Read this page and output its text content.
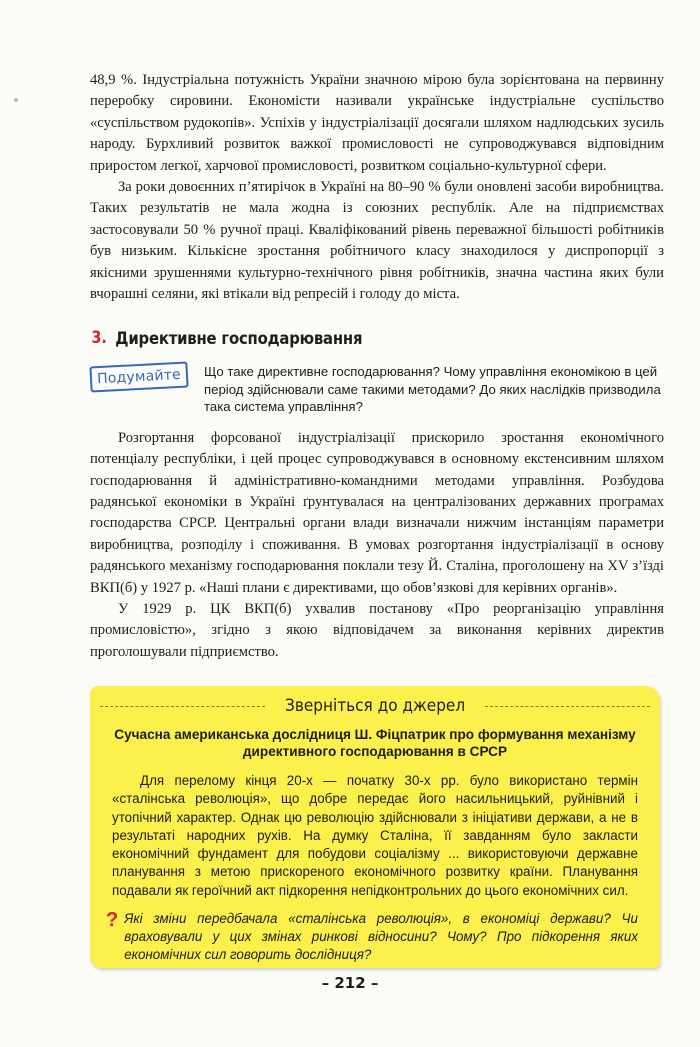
48,9 %. Індустріальна потужність України значною мірою була зорієнтована на первинну переробку сировини. Економісти називали українське індустріальне суспільство «суспільством рудокопів». Успіхів у індустріалізації досягали шляхом надлюдських зусиль народу. Бурхливий розвиток важкої промисловості не супроводжувався відповідним приростом легкої, харчової промисловості, розвитком соціально-культурної сфери.

За роки довоєнних п’ятирічок в Україні на 80–90 % були оновлені засоби виробництва. Таких результатів не мала жодна із союзних республік. Але на підприємствах застосовували 50 % ручної праці. Кваліфікований рівень переважної більшості робітників був низьким. Кількісне зростання робітничого класу знаходилося у диспропорції з якісними зрушеннями культурно-технічного рівня робітників, значна частина яких були вчорашні селяни, які втікали від репресій і голоду до міста.

3. Директивне господарювання
Подумайте	Що таке директивне господарювання? Чому управління економікою в цей період здійснювали саме такими методами? До яких наслідків призводила така система управління?

Розгортання форсованої індустріалізації прискорило зростання економічного потенціалу республіки, і цей процес супроводжувався в основному екстенсивним шляхом господарювання й адміністративно-командними методами управління. Розбудова радянської економіки в Україні ґрунтувалася на централізованих державних програмах господарства СРСР. Центральні органи влади визначали нижчим інстанціям параметри виробництва, розподілу і споживання. В умовах розгортання індустріалізації в основу радянського механізму господарювання поклали тезу Й. Сталіна, проголошену на XV з’їзді ВКП(б) у 1927 р. «Наші плани є директивами, що обов’язкові для керівних органів».

У 1929 р. ЦК ВКП(б) ухвалив постанову «Про реорганізацію управління промисловістю», згідно з якою відповідачем за виконання керівних директив проголошували підприємство.

Зверніться до джерел
Сучасна американська дослідниця Ш. Фіцпатрик про формування механізму директивного господарювання в СРСР
Для перелому кінця 20-х — початку 30-х рр. було використано термін «сталінська революція», що добре передає його насильницький, руйнівний і утопічний характер. Однак цю революцію здійснювали з ініціативи держави, а не в результаті народних рухів. На думку Сталіна, її завданням було закласти економічний фундамент для побудови соціалізму ... використовуючи державне планування з метою прискореного економічного розвитку країни. Планування подавали як героїчний акт підкорення непідконтрольних до цього економічних сил.
? Які зміни передбачала «сталінська революція», в економіці держави? Чи враховували у цих змінах ринкові відносини? Чому? Про підкорення яких економічних сил говорить дослідниця?
– 212 –
